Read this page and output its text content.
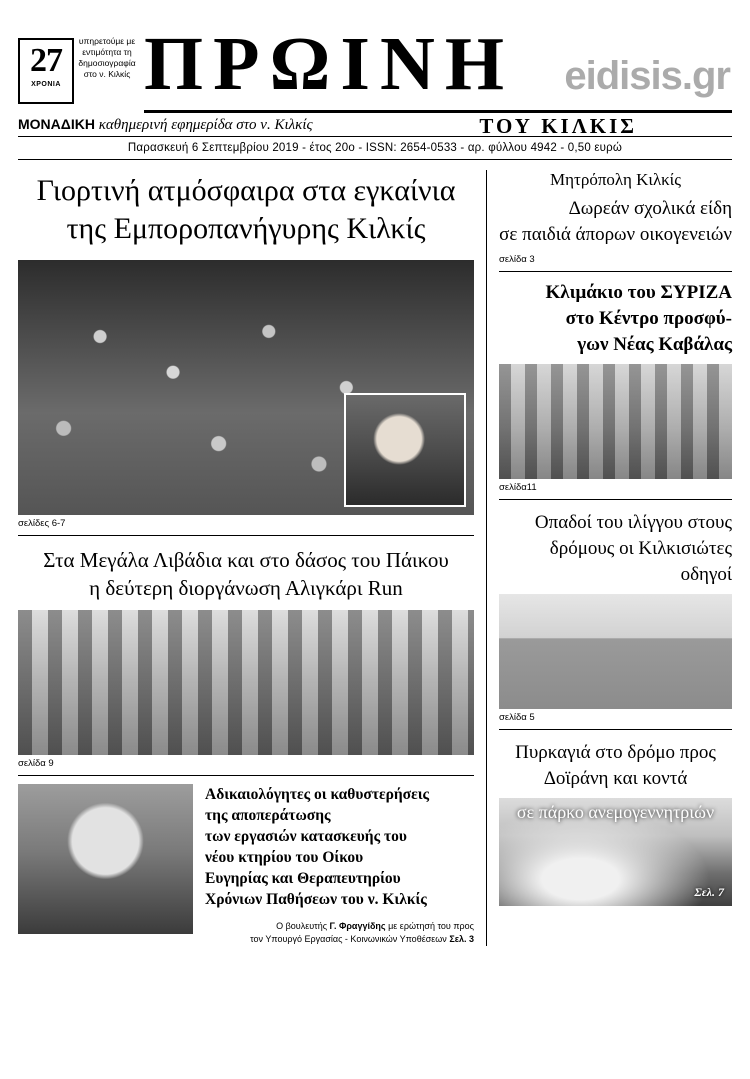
27
ΧΡΟΝΙΑ
υπηρετούμε με εντιμότητα τη δημοσιογραφία στο ν. Κιλκίς ΠΡΩΙΝΗ	eidisis.gr
ΜΟΝΑΔΙΚΗ καθημερινή εφημερίδα στο ν. Κιλκίς	ΤΟΥ ΚΙΛΚΙΣ
Παρασκευή 6 Σεπτεμβρίου 2019 - έτος 20ο - ISSN: 2654-0533 - αρ. φύλλου 4942 - 0,50 ευρώ
Γιορτινή ατμόσφαιρα στα εγκαίνια
της Εμποροπανήγυρης Κιλκίς
σελίδες 6-7
Στα Μεγάλα Λιβάδια και στο δάσος του Πάικου
η δεύτερη διοργάνωση Αλιγκάρι Run
σελίδα 9

Αδικαιολόγητες οι καθυστερήσεις
της αποπεράτωσης
των εργασιών κατασκευής του
νέου κτηρίου του Οίκου
Ευγηρίας και Θεραπευτηρίου
Χρόνιων Παθήσεων του ν. Κιλκίς

Ο βουλευτής Γ. Φραγγίδης με ερώτησή του προς
τον Υπουργό Εργασίας - Κοινωνικών Υποθέσεων Σελ. 3
Μητρόπολη Κιλκίς
Δωρεάν σχολικά είδη
σε παιδιά άπορων οικογενειών
σελίδα 3
Κλιμάκιο του ΣΥΡΙΖΑ
στο Κέντρο προσφύ-
γων Νέας Καβάλας
σελίδα11
Οπαδοί του ιλίγγου στους
δρόμους οι Κιλκισιώτες οδηγοί
σελίδα 5
Πυρκαγιά στο δρόμο προς
Δοϊράνη και κοντά
σε πάρκο ανεμογεννητριών
Σελ. 7
